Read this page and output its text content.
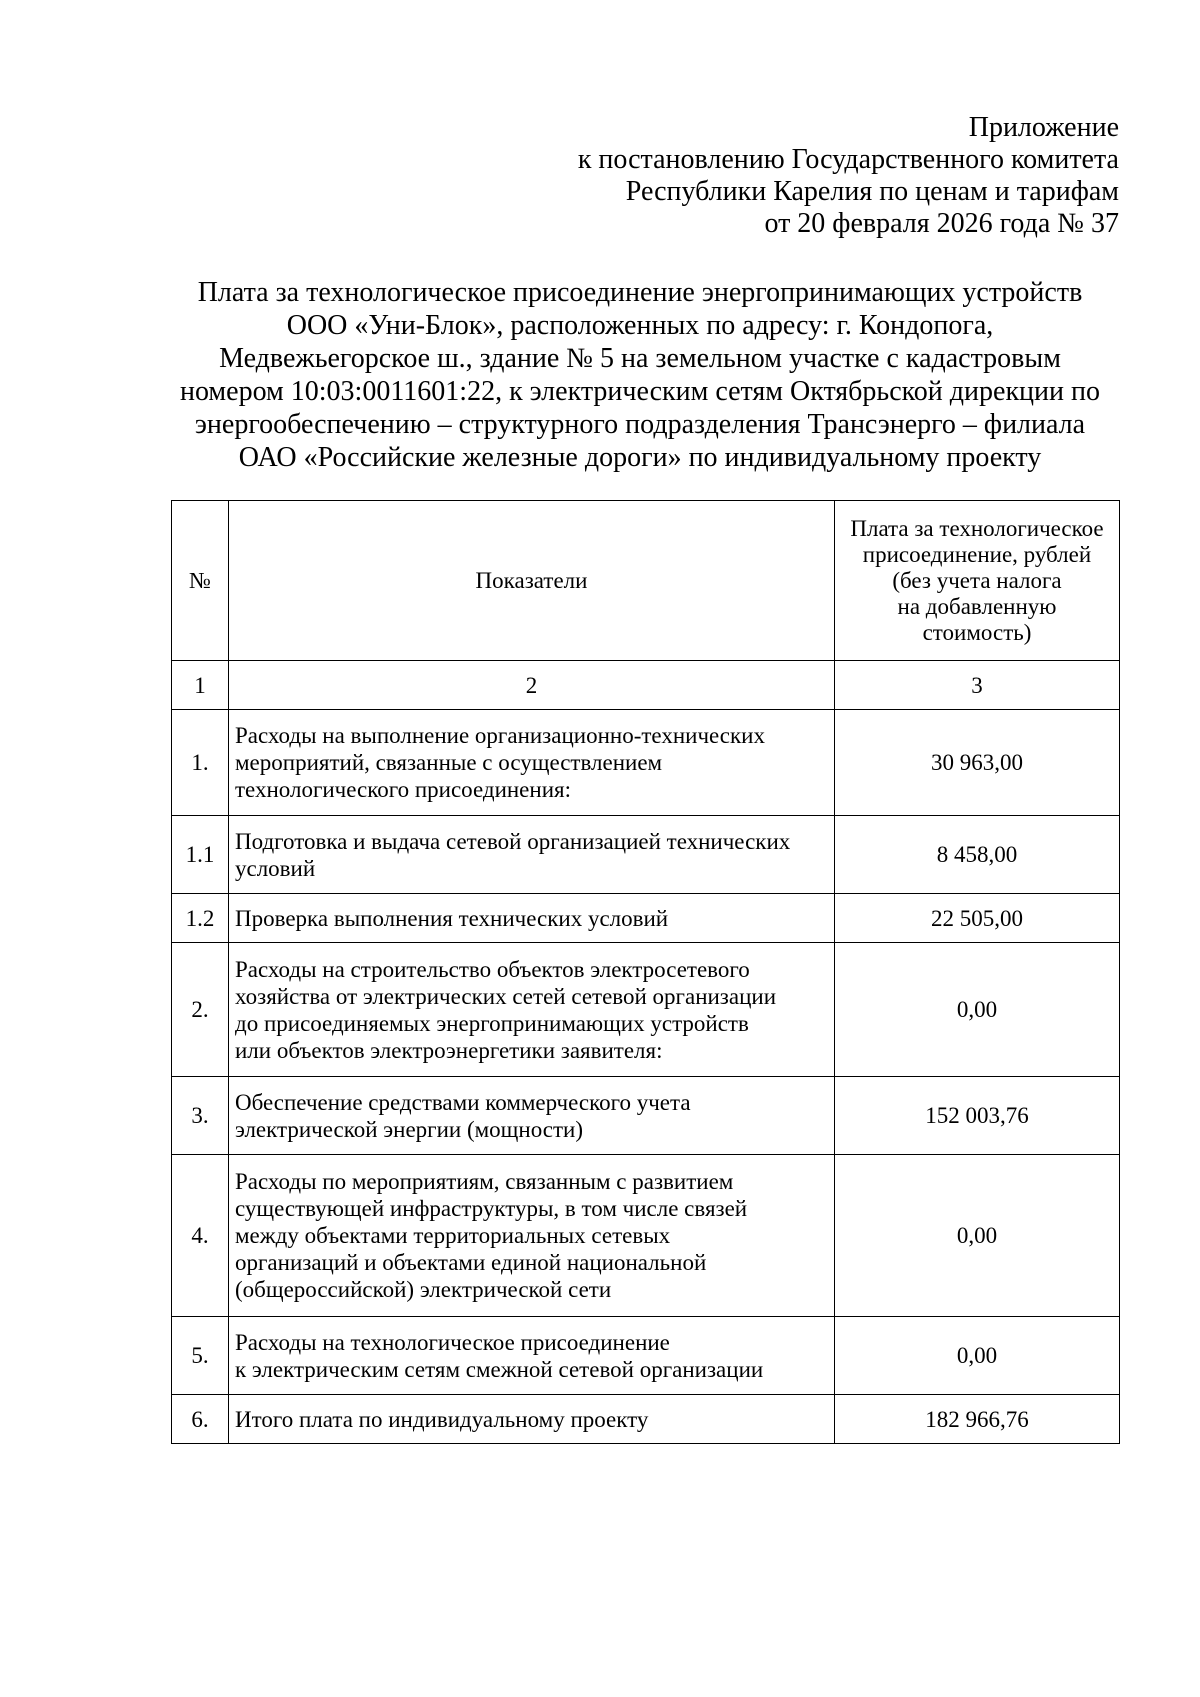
Приложение
к постановлению Государственного комитета
Республики Карелия по ценам и тарифам
от 20 февраля 2026 года № 37
Плата за технологическое присоединение энергопринимающих устройств
ООО «Уни-Блок», расположенных по адресу: г. Кондопога,
Медвежьегорское ш., здание № 5 на земельном участке с кадастровым
номером 10:03:0011601:22, к электрическим сетям Октябрьской дирекции по
энергообеспечению – структурного подразделения Трансэнерго – филиала
ОАО «Российские железные дороги» по индивидуальному проекту
№	Показатели	Плата за технологическое
присоединение, рублей
(без учета налога
на добавленную
стоимость)

1	2	3
1.	Расходы на выполнение организационно-технических
мероприятий, связанные с осуществлением
технологического присоединения:	30 963,00
1.1	Подготовка и выдача сетевой организацией технических
условий	8 458,00
1.2	Проверка выполнения технических условий	22 505,00
2.	Расходы на строительство объектов электросетевого
хозяйства от электрических сетей сетевой организации
до присоединяемых энергопринимающих устройств
или объектов электроэнергетики заявителя:	0,00
3.	Обеспечение средствами коммерческого учета
электрической энергии (мощности)	152 003,76
4.	Расходы по мероприятиям, связанным с развитием
существующей инфраструктуры, в том числе связей
между объектами территориальных сетевых
организаций и объектами единой национальной
(общероссийской) электрической сети	0,00
5.	Расходы на технологическое присоединение
к электрическим сетям смежной сетевой организации	0,00
6.	Итого плата по индивидуальному проекту	182 966,76
